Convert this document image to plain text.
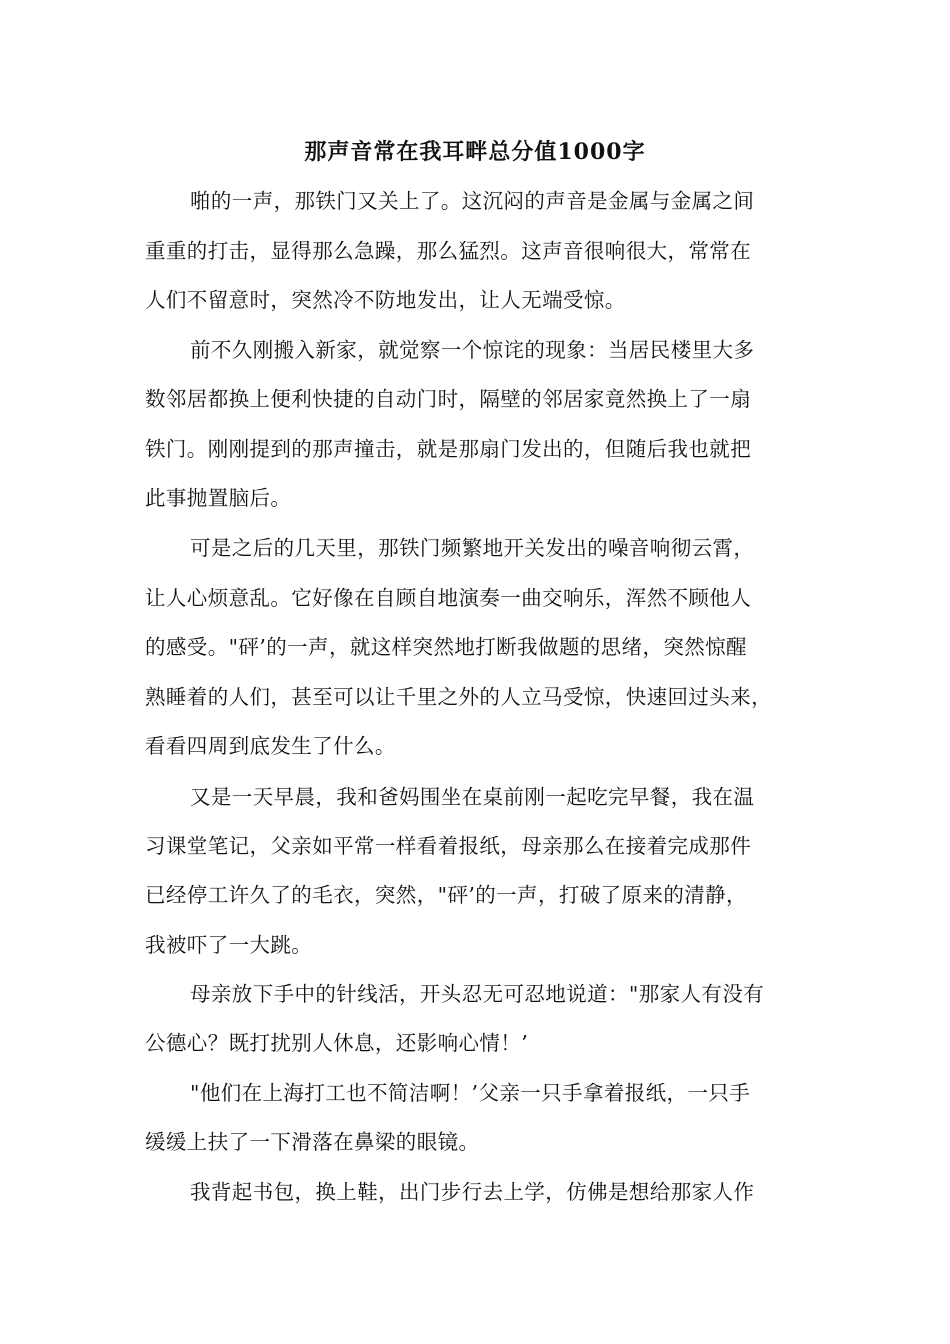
那声音常在我耳畔总分值1000字
啪的一声，那铁门又关上了。这沉闷的声音是金属与金属之间
重重的打击，显得那么急躁，那么猛烈。这声音很响很大，常常在
人们不留意时，突然冷不防地发出，让人无端受惊。
前不久刚搬入新家，就觉察一个惊诧的现象：当居民楼里大多
数邻居都换上便利快捷的自动门时，隔壁的邻居家竟然换上了一扇
铁门。刚刚提到的那声撞击，就是那扇门发出的，但随后我也就把
此事抛置脑后。
可是之后的几天里，那铁门频繁地开关发出的噪音响彻云霄，
让人心烦意乱。它好像在自顾自地演奏一曲交响乐，浑然不顾他人
的感受。"砰’的一声，就这样突然地打断我做题的思绪，突然惊醒
熟睡着的人们，甚至可以让千里之外的人立马受惊，快速回过头来，
看看四周到底发生了什么。
又是一天早晨，我和爸妈围坐在桌前刚一起吃完早餐，我在温
习课堂笔记，父亲如平常一样看着报纸，母亲那么在接着完成那件
已经停工许久了的毛衣，突然，"砰’的一声，打破了原来的清静，
我被吓了一大跳。
母亲放下手中的针线活，开头忍无可忍地说道："那家人有没有
公德心？既打扰别人休息，还影响心情！’
"他们在上海打工也不简洁啊！’父亲一只手拿着报纸，一只手
缓缓上扶了一下滑落在鼻梁的眼镜。
我背起书包，换上鞋，出门步行去上学，仿佛是想给那家人作
